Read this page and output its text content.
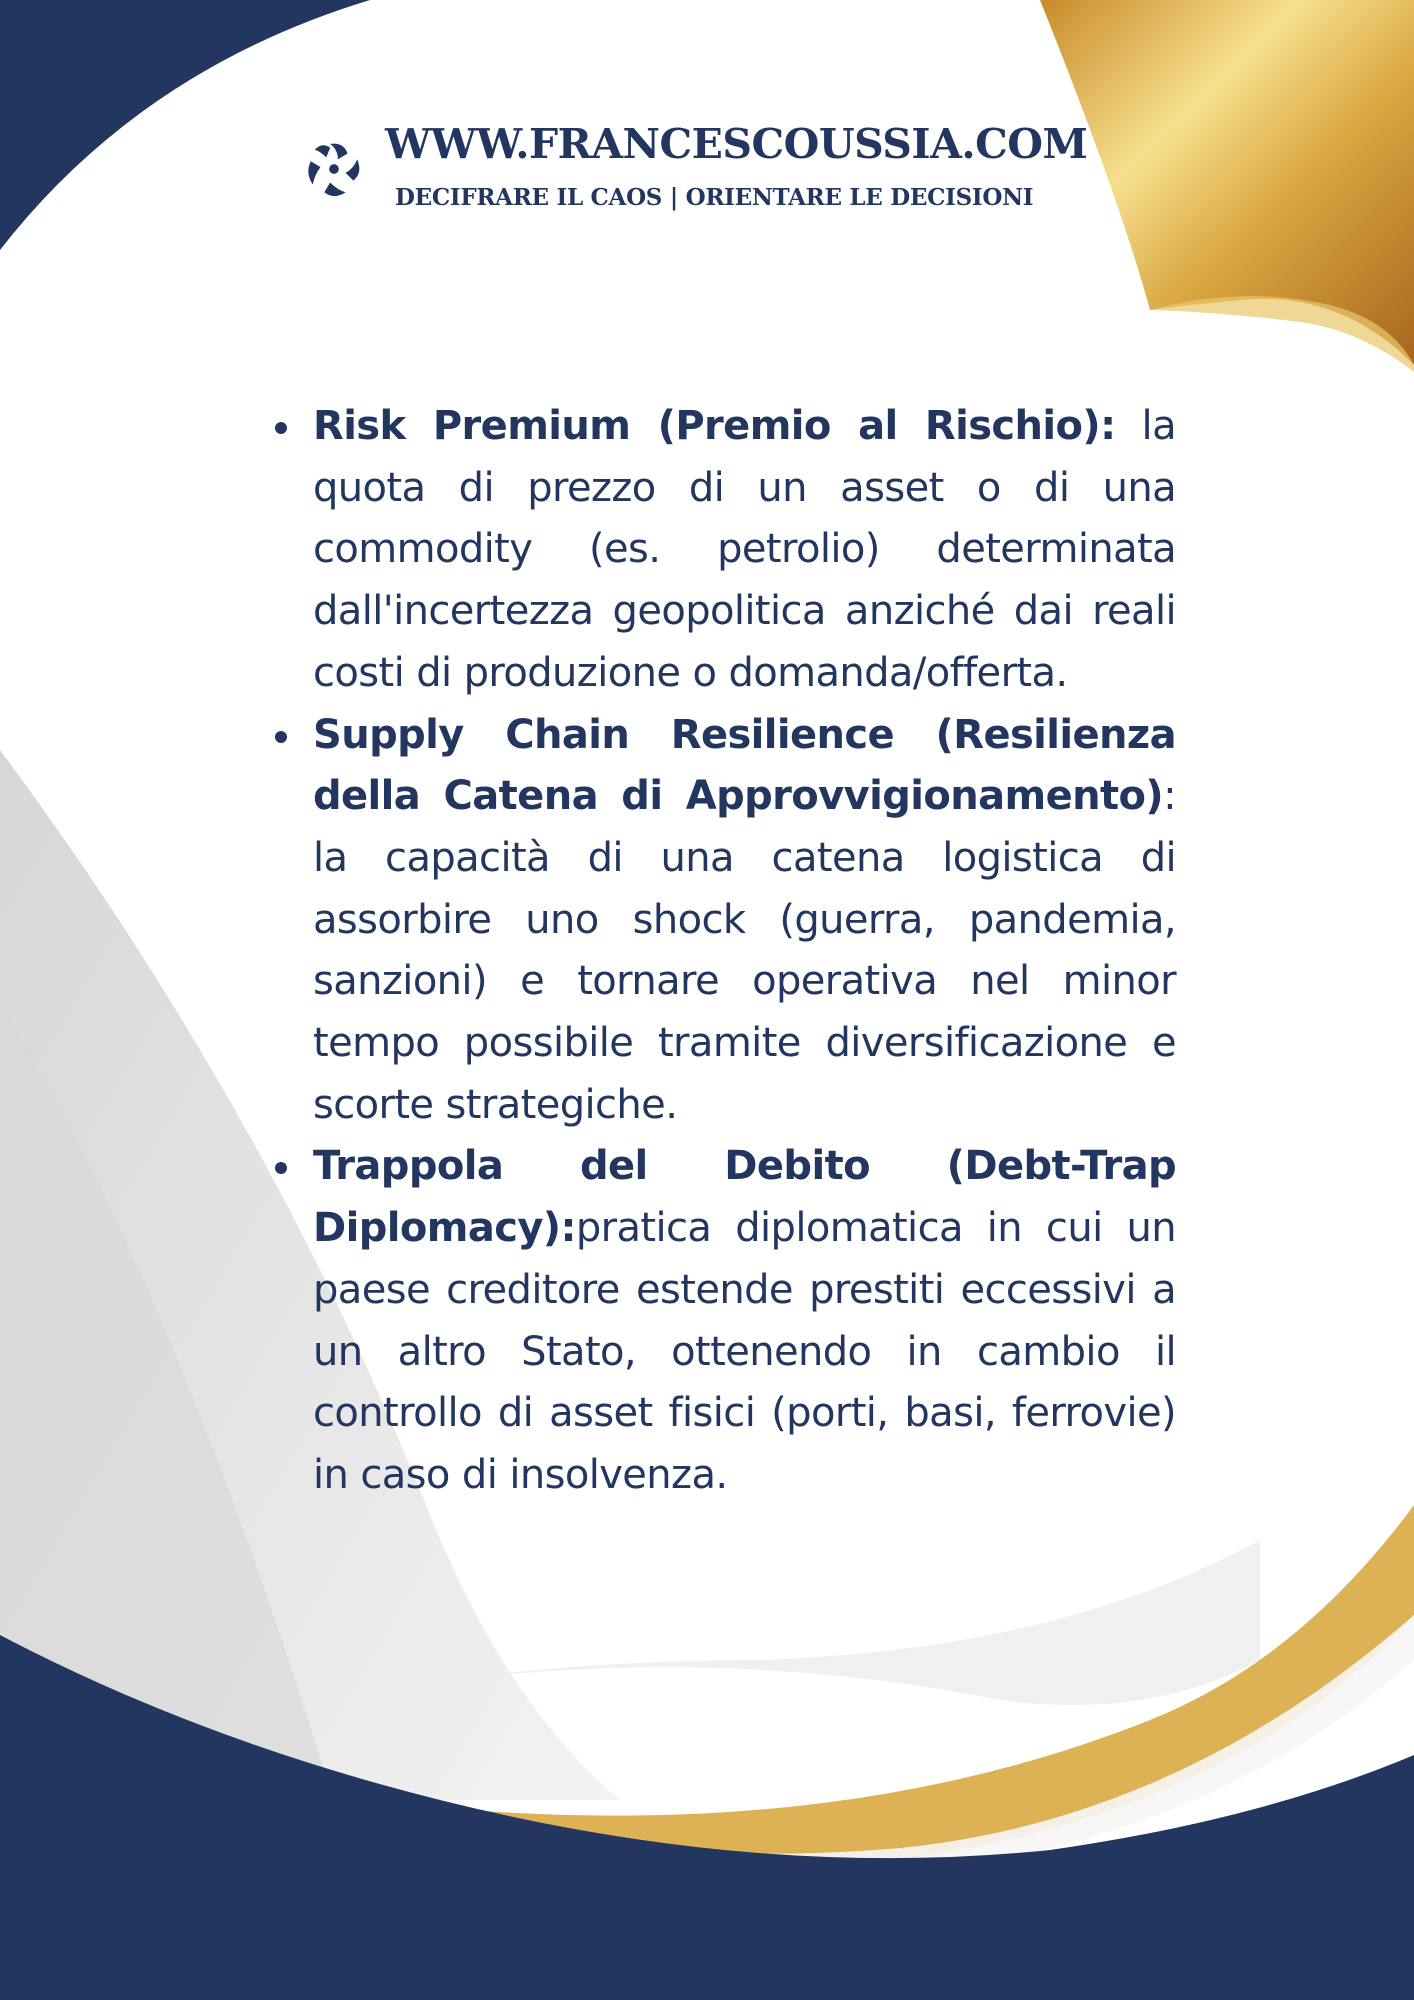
WWW.FRANCESCOUSSIA.COM
DECIFRARE IL CAOS | ORIENTARE LE DECISIONI
Risk Premium (Premio al Rischio): la quota di prezzo di un asset o di una commodity (es. petrolio) determinata dall'incertezza geopolitica anziché dai reali costi di produzione o domanda/offerta.
Supply Chain Resilience (Resilienza della Catena di Approvvigionamento): la capacità di una catena logistica di assorbire uno shock (guerra, pandemia, sanzioni) e tornare operativa nel minor tempo possibile tramite diversificazione e scorte strategiche.
Trappola del Debito (Debt-Trap Diplomacy):pratica diplomatica in cui un paese creditore estende prestiti eccessivi a un altro Stato, ottenendo in cambio il controllo di asset fisici (porti, basi, ferrovie) in caso di insolvenza.
